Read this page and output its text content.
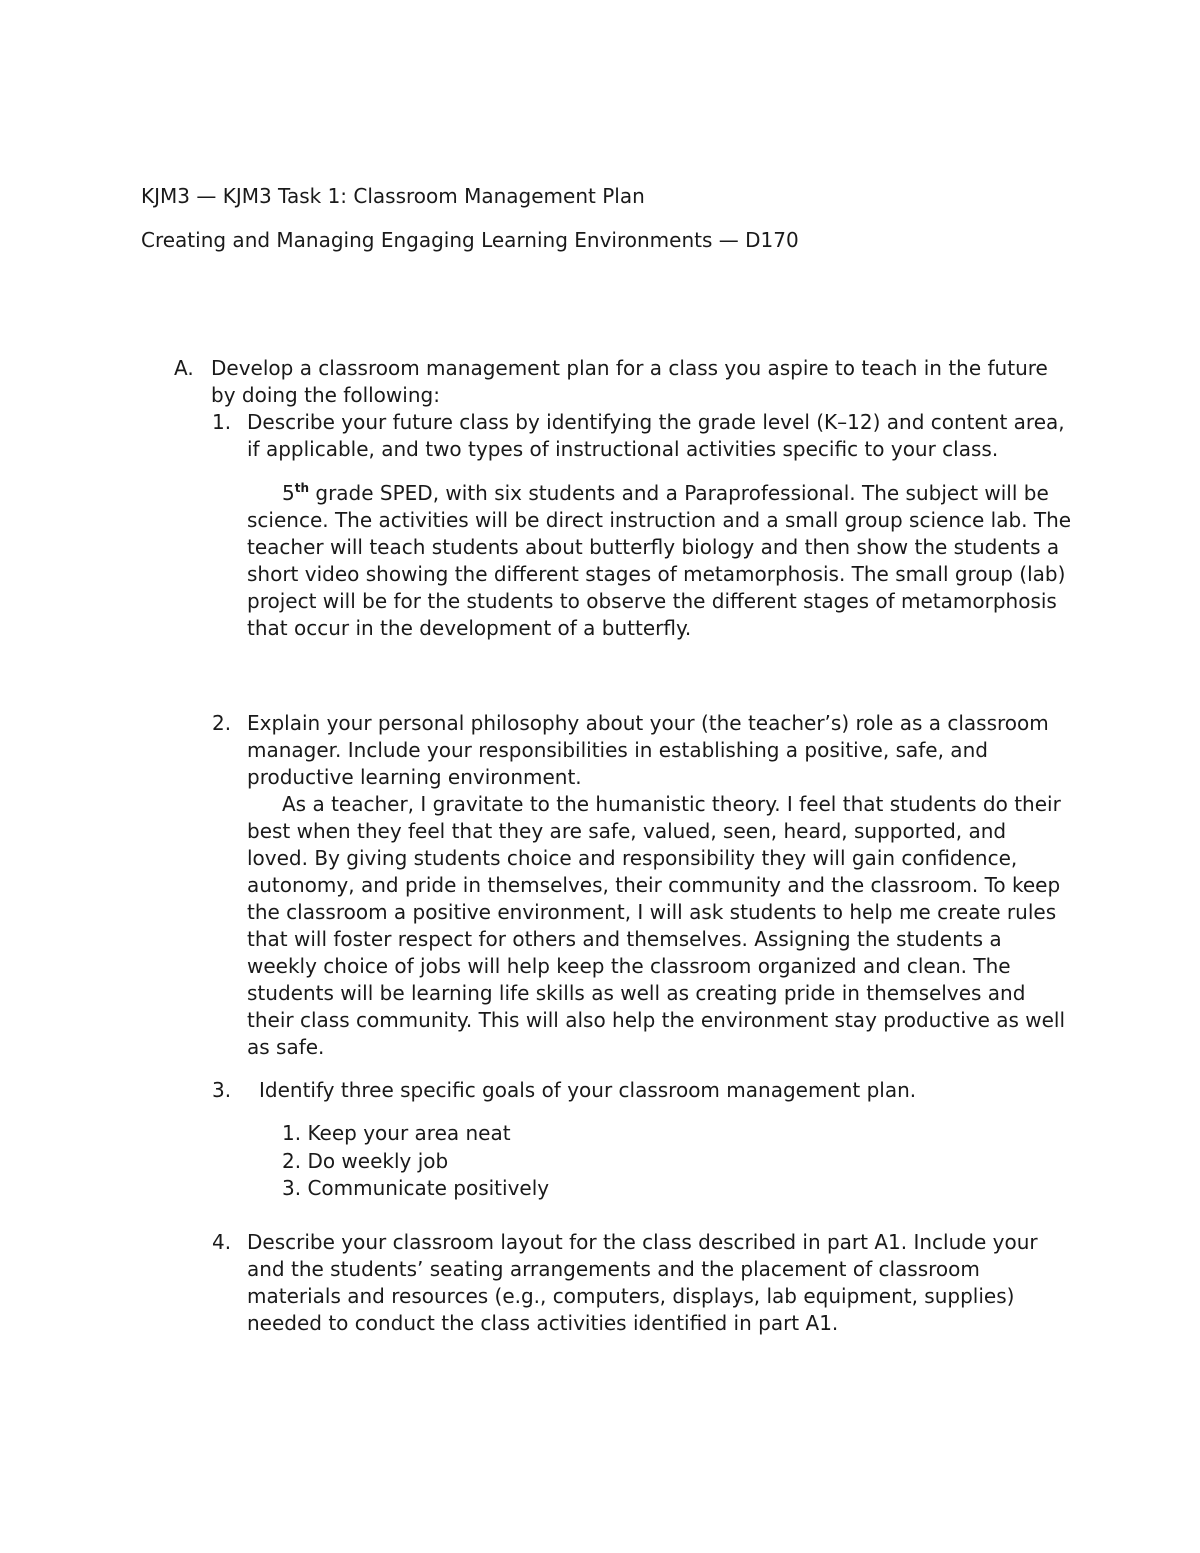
KJM3 — KJM3 Task 1: Classroom Management Plan
Creating and Managing Engaging Learning Environments — D170
A. Develop a classroom management plan for a class you aspire to teach in the future by doing the following:
1. Describe your future class by identifying the grade level (K–12) and content area, if applicable, and two types of instructional activities specific to your class.
5th grade SPED, with six students and a Paraprofessional. The subject will be science. The activities will be direct instruction and a small group science lab. The teacher will teach students about butterfly biology and then show the students a short video showing the different stages of metamorphosis. The small group (lab) project will be for the students to observe the different stages of metamorphosis that occur in the development of a butterfly.
2. Explain your personal philosophy about your (the teacher’s) role as a classroom manager. Include your responsibilities in establishing a positive, safe, and productive learning environment.
As a teacher, I gravitate to the humanistic theory. I feel that students do their best when they feel that they are safe, valued, seen, heard, supported, and loved. By giving students choice and responsibility they will gain confidence, autonomy, and pride in themselves, their community and the classroom. To keep the classroom a positive environment, I will ask students to help me create rules that will foster respect for others and themselves. Assigning the students a weekly choice of jobs will help keep the classroom organized and clean. The students will be learning life skills as well as creating pride in themselves and their class community. This will also help the environment stay productive as well as safe.
3. Identify three specific goals of your classroom management plan.
1. Keep your area neat
2. Do weekly job
3. Communicate positively
4. Describe your classroom layout for the class described in part A1. Include your and the students’ seating arrangements and the placement of classroom materials and resources (e.g., computers, displays, lab equipment, supplies) needed to conduct the class activities identified in part A1.
